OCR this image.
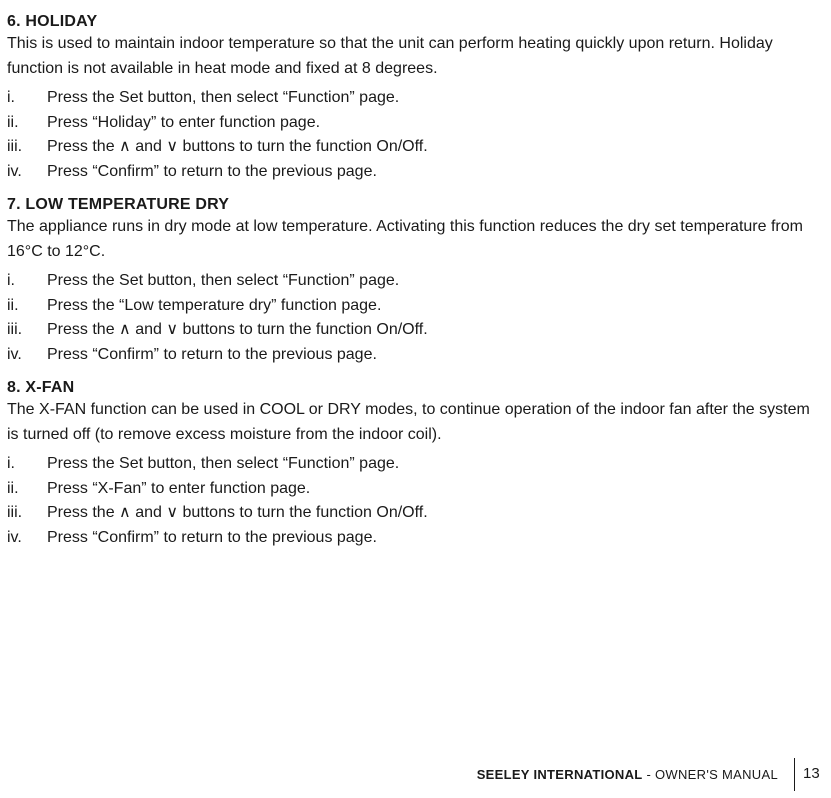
6. HOLIDAY

This is used to maintain indoor temperature so that the unit can perform heating quickly upon return. Holiday function is not available in heat mode and fixed at 8 degrees.

i.	Press the Set button, then select “Function” page.
ii.	Press “Holiday” to enter function page.
iii.	Press the ∧ and ∨ buttons to turn the function On/Off.
iv.	Press “Confirm” to return to the previous page.
7. LOW TEMPERATURE DRY

The appliance runs in dry mode at low temperature. Activating this function reduces the dry set temperature from 16°C to 12°C.

i.	Press the Set button, then select “Function” page.
ii.	Press the “Low temperature dry” function page.
iii.	Press the ∧ and ∨ buttons to turn the function On/Off.
iv.	Press “Confirm” to return to the previous page.
8. X-FAN

The X-FAN function can be used in COOL or DRY modes, to continue operation of the indoor fan after the system is turned off (to remove excess moisture from the indoor coil).

i.	Press the Set button, then select “Function” page.
ii.	Press “X-Fan” to enter function page.
iii.	Press the ∧ and ∨ buttons to turn the function On/Off.
iv.	Press “Confirm” to return to the previous page.
SEELEY INTERNATIONAL - OWNER'S MANUAL 13
